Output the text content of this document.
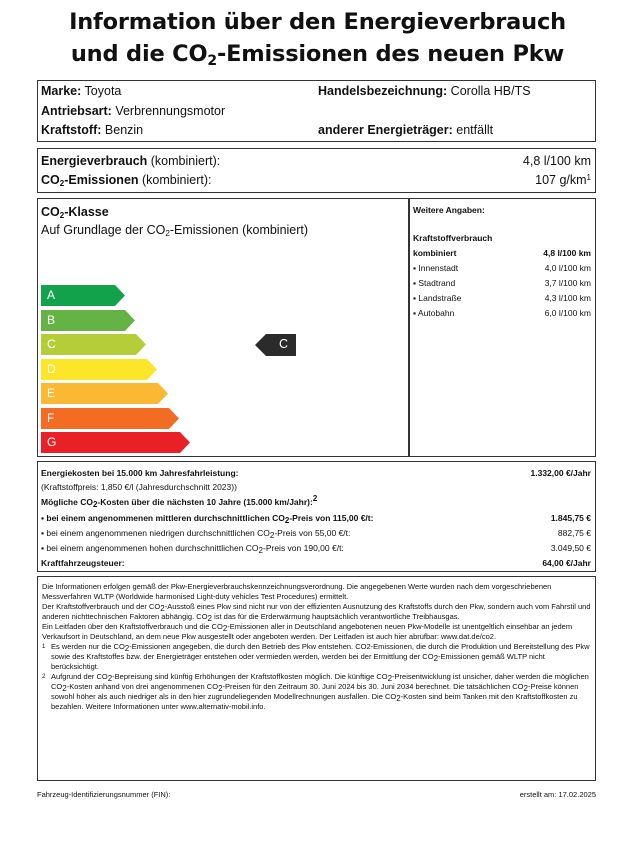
Information über den Energieverbrauch
und die $CO_2$-Emissionen des neuen Pkw
Marke: Toyota
Antriebsart: Verbrennungsmotor
Kraftstoff: Benzin
Handelsbezeichnung: Corolla HB/TS
anderer Energieträger: entfällt
Energieverbrauch (kombiniert):	4,8 l/100 km
$CO_2$-Emissionen (kombiniert):	107 $g/km^1$
$CO_2$-Klasse
Auf Grundlage der $CO_2$-Emissionen (kombiniert)
A
B
C
D
E
F
G
C
Weitere Angaben:
Kraftstoffverbrauch
kombiniert	4,8 l/100 km
▪ Innenstadt	4,0 l/100 km
▪ Stadtrand	3,7 l/100 km
▪ Landstraße	4,3 l/100 km
▪ Autobahn	6,0 l/100 km
Energiekosten bei 15.000 km Jahresfahrleistung:	1.332,00 €/Jahr
(Kraftstoffpreis: 1,850 €/l (Jahresdurchschnitt 2023))
Mögliche $CO_2$-Kosten über die nächsten 10 Jahre (15.000 km/Jahr):$^2$
▪ bei einem angenommenen mittleren durchschnittlichen $CO_2$-Preis von 115,00 €/t:	1.845,75 €
▪ bei einem angenommenen niedrigen durchschnittlichen $CO_2$-Preis von 55,00 €/t:	882,75 €
▪ bei einem angenommenen hohen durchschnittlichen $CO_2$-Preis von 190,00 €/t:	3.049,50 €
Kraftfahrzeugsteuer:	64,00 €/Jahr

Die Informationen erfolgen gemäß der Pkw-Energieverbrauchskennzeichnungsverordnung. Die angegebenen Werte wurden nach dem vorgeschriebenen Messverfahren WLTP (Worldwide harmonised Light-duty vehicles Test Procedures) ermittelt.

Der Kraftstoffverbrauch und der $CO_2$-Ausstoß eines Pkw sind nicht nur von der effizienten Ausnutzung des Kraftstoffs durch den Pkw, sondern auch vom Fahrstil und anderen nichttechnischen Faktoren abhängig. $CO_2$ ist das für die Erderwärmung hauptsächlich verantwortliche Treibhausgas.

Ein Leitfaden über den Kraftstoffverbrauch und die $CO_2$-Emissionen aller in Deutschland angebotenen neuen Pkw-Modelle ist unentgeltlich einsehbar an jedem Verkaufsort in Deutschland, an dem neue Pkw ausgestellt oder angeboten werden. Der Leitfaden ist auch hier abrufbar: www.dat.de/co2.

1 Es werden nur die $CO_2$-Emissionen angegeben, die durch den Betrieb des Pkw entstehen. CO2-Emissionen, die durch die Produktion und Bereitstellung des Pkw sowie des Kraftstoffes bzw. der Energieträger entstehen oder vermieden werden, werden bei der Ermittlung der $CO_2$-Emissionen gemäß WLTP nicht berücksichtigt.

2 Aufgrund der $CO_2$-Bepreisung sind künftig Erhöhungen der Kraftstoffkosten möglich. Die künftige $CO_2$-Preisentwicklung ist unsicher, daher werden die möglichen $CO_2$-Kosten anhand von drei angenommenen $CO_2$-Preisen für den Zeitraum 30. Juni 2024 bis 30. Juni 2034 berechnet. Die tatsächlichen $CO_2$-Preise können sowohl höher als auch niedriger als in den hier zugrundeliegenden Modellrechnungen ausfallen. Die $CO_2$-Kosten sind beim Tanken mit den Kraftstoffkosten zu bezahlen. Weitere Informationen unter www.alternativ-mobil.info.

Fahrzeug-Identifizierungsnummer (FIN):	erstellt am: 17.02.2025
